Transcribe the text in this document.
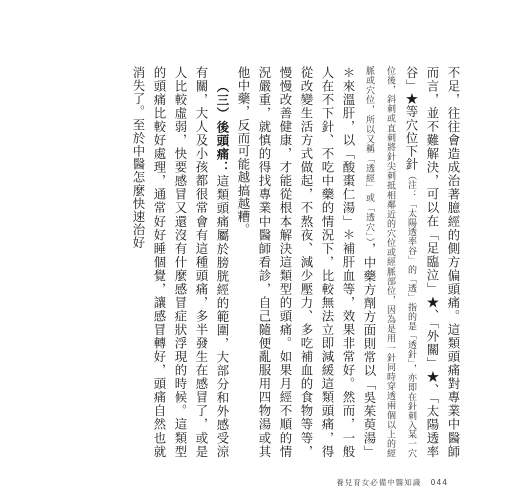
不足，往往會造成治著臆經的側方偏頭痛。這類頭痛對專業中醫師而言，並不難解決，可以在「足臨泣」★、「外關」★、「太陽透率谷」★等穴位下針（注：「太陽透率谷」的「透」指的是「透針」，亦即在針刺入某一穴位後，斜刺或直刺將針尖刺抵相鄰近的穴位或經脈部位，因為是用一針同時穿透兩個以上的經脈或穴位，所以又稱「透經」或「透穴」），中藥方劑方面則常以「吳茱萸湯」＊來溫肝，以「酸棗仁湯」＊補肝血等，效果非常好。然而，一般人在不下針、不吃中藥的情況下，比較無法立即減緩這類頭痛，得從改變生活方式做起，不熬夜、減少壓力、多吃補血的食物等等，慢慢改善健康，才能從根本解決這類型的頭痛。如果月經不順的情況嚴重，就慎的得找專業中醫師看診，自己隨便亂服用四物湯或其他中藥，反而可能越搞越糟。

（三）後頭痛：這類頭痛屬於膀胱經的範圍，大部分和外感受涼有關，大人及小孩都很常會有這種頭痛，多半發生在感冒了，或是人比較虛弱，快要感冒又還沒有什麼感冒症狀浮現的時候。這類型的頭痛比較好處理，通常好好睡個覺，讓感冒轉好，頭痛自然也就消失了。至於中醫怎麼快速治好

養兒育女必備中醫知識 044
